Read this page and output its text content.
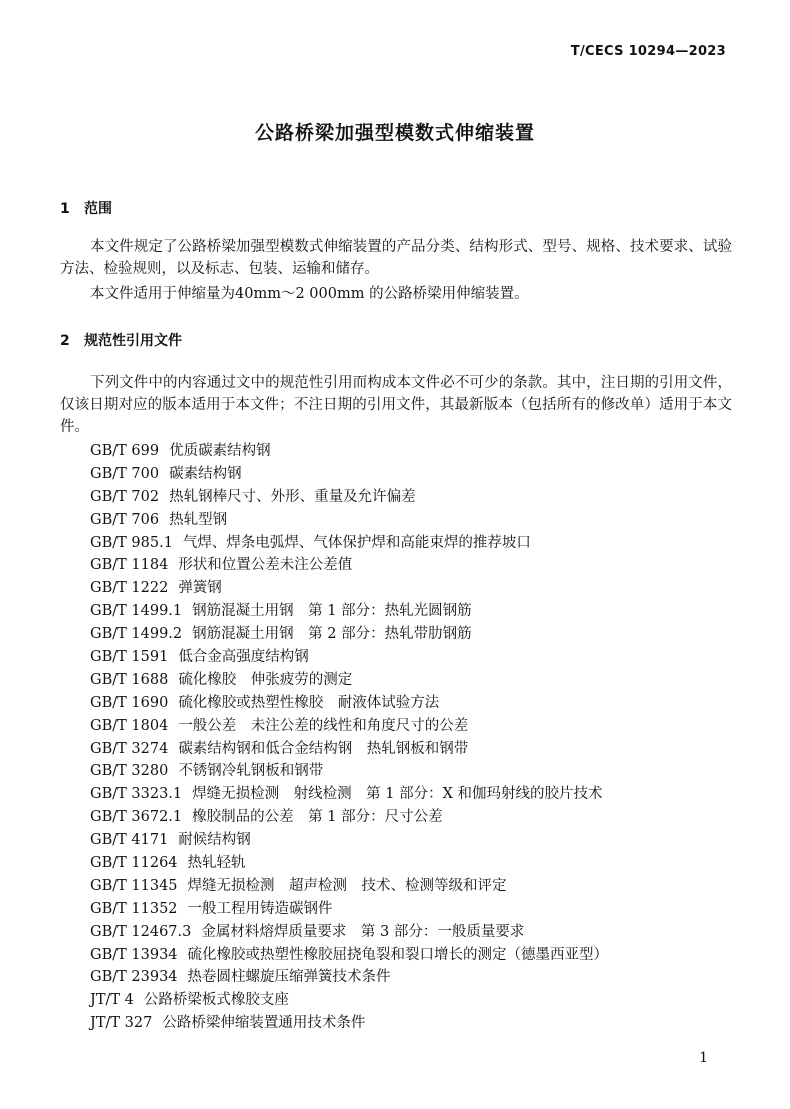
T/CECS 10294—2023
公路桥梁加强型模数式伸缩装置
1 范围
本文件规定了公路桥梁加强型模数式伸缩装置的产品分类、结构形式、型号、规格、技术要求、试验方法、检验规则，以及标志、包装、运输和储存。
本文件适用于伸缩量为40mm～2 000mm 的公路桥梁用伸缩装置。
2 规范性引用文件
下列文件中的内容通过文中的规范性引用而构成本文件必不可少的条款。其中，注日期的引用文件，仅该日期对应的版本适用于本文件；不注日期的引用文件，其最新版本（包括所有的修改单）适用于本文件。
GB/T 699 优质碳素结构钢
GB/T 700 碳素结构钢
GB/T 702 热轧钢棒尺寸、外形、重量及允许偏差
GB/T 706 热轧型钢
GB/T 985.1 气焊、焊条电弧焊、气体保护焊和高能束焊的推荐坡口
GB/T 1184 形状和位置公差未注公差值
GB/T 1222 弹簧钢
GB/T 1499.1 钢筋混凝土用钢　第 1 部分：热轧光圆钢筋
GB/T 1499.2 钢筋混凝土用钢　第 2 部分：热轧带肋钢筋
GB/T 1591 低合金高强度结构钢
GB/T 1688 硫化橡胶　伸张疲劳的测定
GB/T 1690 硫化橡胶或热塑性橡胶　耐液体试验方法
GB/T 1804 一般公差　未注公差的线性和角度尺寸的公差
GB/T 3274 碳素结构钢和低合金结构钢　热轧钢板和钢带
GB/T 3280 不锈钢冷轧钢板和钢带
GB/T 3323.1 焊缝无损检测　射线检测　第 1 部分：X 和伽玛射线的胶片技术
GB/T 3672.1 橡胶制品的公差　第 1 部分：尺寸公差
GB/T 4171 耐候结构钢
GB/T 11264 热轧轻轨
GB/T 11345 焊缝无损检测　超声检测　技术、检测等级和评定
GB/T 11352 一般工程用铸造碳钢件
GB/T 12467.3 金属材料熔焊质量要求　第 3 部分：一般质量要求
GB/T 13934 硫化橡胶或热塑性橡胶屈挠龟裂和裂口增长的测定（德墨西亚型）
GB/T 23934 热卷圆柱螺旋压缩弹簧技术条件
JT/T 4 公路桥梁板式橡胶支座
JT/T 327 公路桥梁伸缩装置通用技术条件
1
